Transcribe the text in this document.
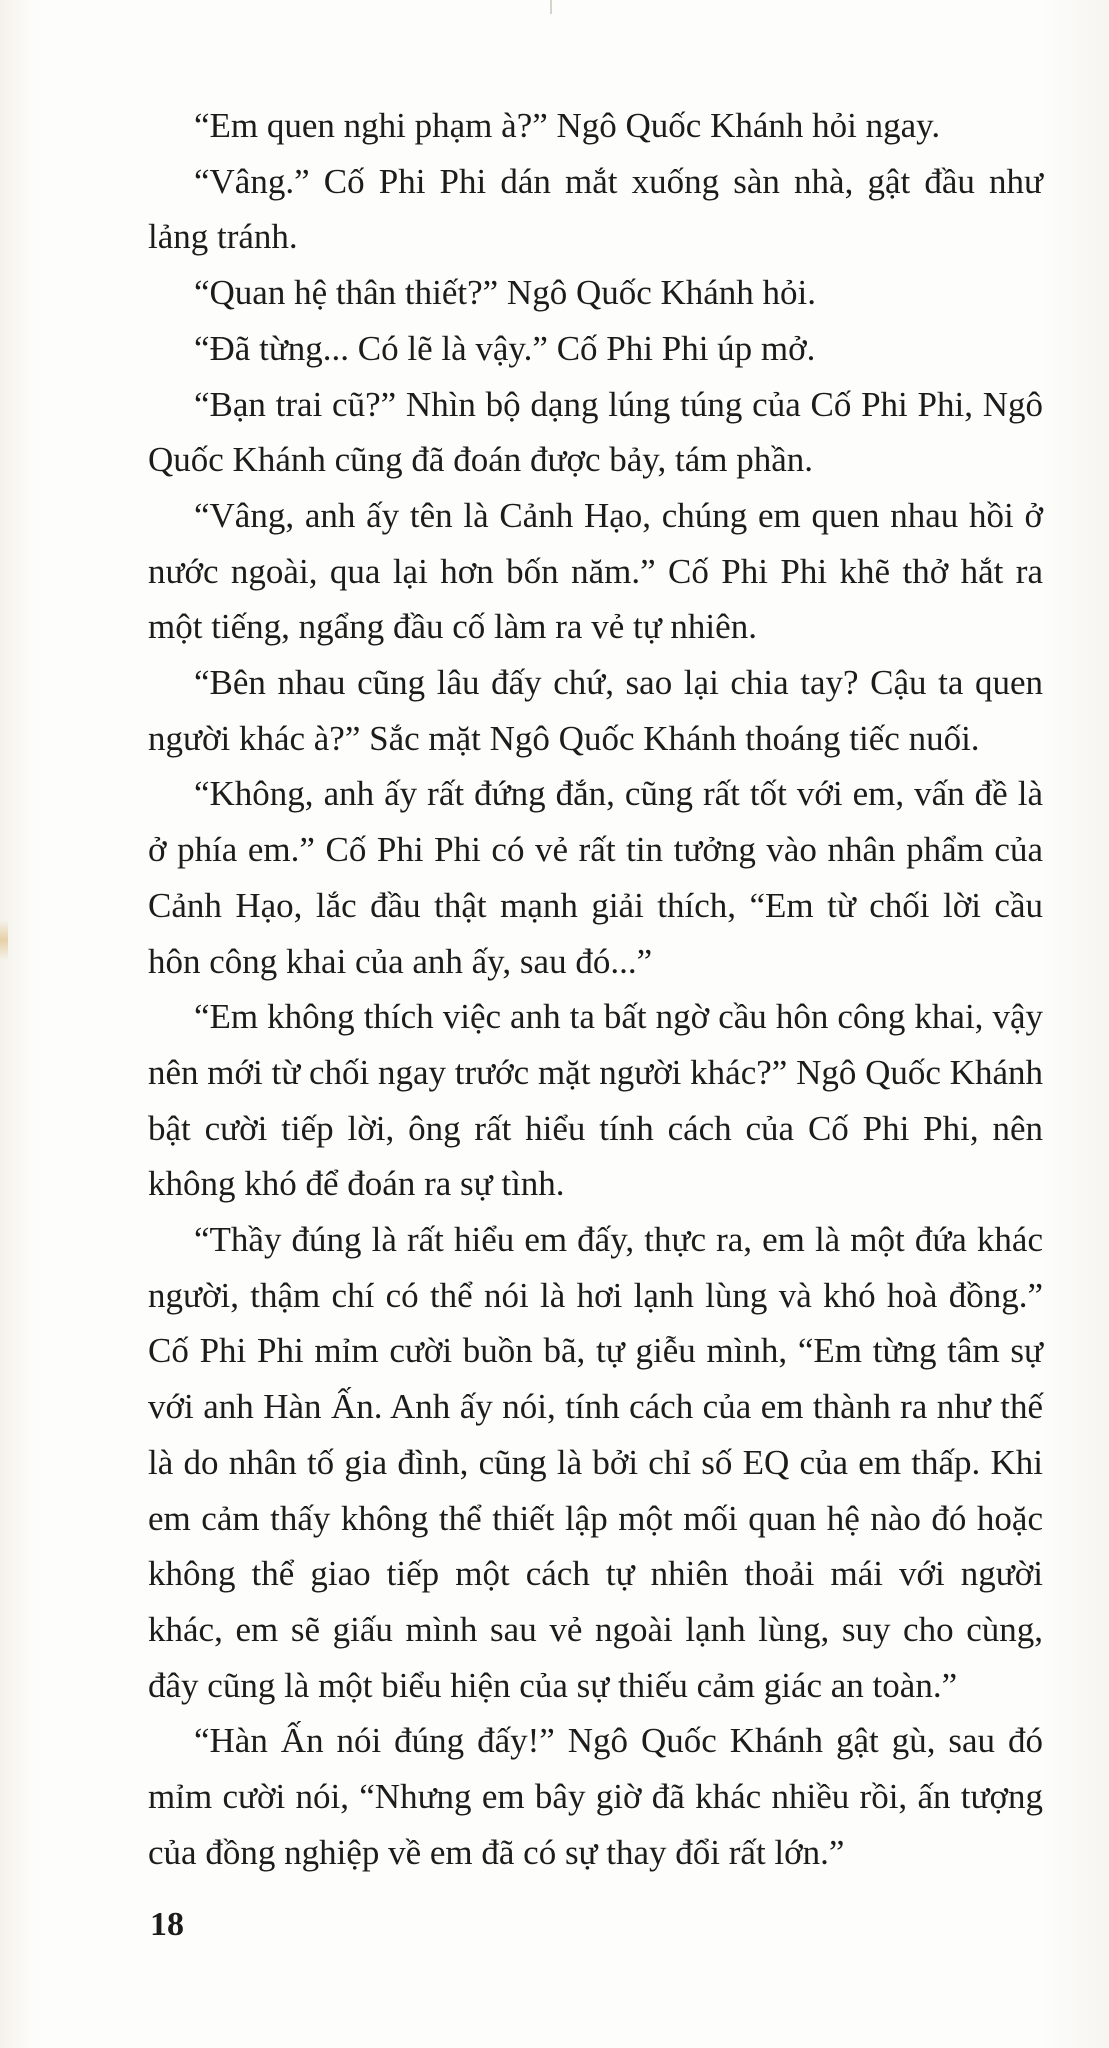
“Em quen nghi phạm à?” Ngô Quốc Khánh hỏi ngay.

“Vâng.” Cố Phi Phi dán mắt xuống sàn nhà, gật đầu như lảng tránh.

“Quan hệ thân thiết?” Ngô Quốc Khánh hỏi.

“Đã từng... Có lẽ là vậy.” Cố Phi Phi úp mở.

“Bạn trai cũ?” Nhìn bộ dạng lúng túng của Cố Phi Phi, Ngô Quốc Khánh cũng đã đoán được bảy, tám phần.

“Vâng, anh ấy tên là Cảnh Hạo, chúng em quen nhau hồi ở nước ngoài, qua lại hơn bốn năm.” Cố Phi Phi khẽ thở hắt ra một tiếng, ngẩng đầu cố làm ra vẻ tự nhiên.

“Bên nhau cũng lâu đấy chứ, sao lại chia tay? Cậu ta quen người khác à?” Sắc mặt Ngô Quốc Khánh thoáng tiếc nuối.

“Không, anh ấy rất đứng đắn, cũng rất tốt với em, vấn đề là ở phía em.” Cố Phi Phi có vẻ rất tin tưởng vào nhân phẩm của Cảnh Hạo, lắc đầu thật mạnh giải thích, “Em từ chối lời cầu hôn công khai của anh ấy, sau đó...”

“Em không thích việc anh ta bất ngờ cầu hôn công khai, vậy nên mới từ chối ngay trước mặt người khác?” Ngô Quốc Khánh bật cười tiếp lời, ông rất hiểu tính cách của Cố Phi Phi, nên không khó để đoán ra sự tình.

“Thầy đúng là rất hiểu em đấy, thực ra, em là một đứa khác người, thậm chí có thể nói là hơi lạnh lùng và khó hoà đồng.” Cố Phi Phi mỉm cười buồn bã, tự giễu mình, “Em từng tâm sự với anh Hàn Ấn. Anh ấy nói, tính cách của em thành ra như thế là do nhân tố gia đình, cũng là bởi chỉ số EQ của em thấp. Khi em cảm thấy không thể thiết lập một mối quan hệ nào đó hoặc không thể giao tiếp một cách tự nhiên thoải mái với người khác, em sẽ giấu mình sau vẻ ngoài lạnh lùng, suy cho cùng, đây cũng là một biểu hiện của sự thiếu cảm giác an toàn.”

“Hàn Ấn nói đúng đấy!” Ngô Quốc Khánh gật gù, sau đó mỉm cười nói, “Nhưng em bây giờ đã khác nhiều rồi, ấn tượng của đồng nghiệp về em đã có sự thay đổi rất lớn.”

18
